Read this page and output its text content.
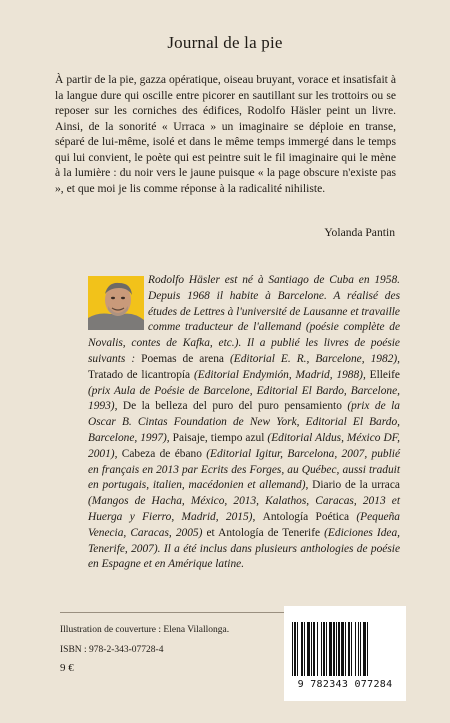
Journal de la pie

À partir de la pie, gazza opératique, oiseau bruyant, vorace et insatisfait à la langue dure qui oscille entre picorer en sautillant sur les trottoirs ou se reposer sur les corniches des édifices, Rodolfo Häsler peint un livre. Ainsi, de la sonorité « Urraca » un imaginaire se déploie en transe, séparé de lui-même, isolé et dans le même temps immergé dans le temps qui lui convient, le poète qui est peintre suit le fil imaginaire qui le mène à la lumière : du noir vers le jaune puisque « la page obscure n'existe pas », et que moi je lis comme réponse à la radicalité nihiliste.

Yolanda Pantin

Rodolfo Häsler est né à Santiago de Cuba en 1958. Depuis 1968 il habite à Barcelone. A réalisé des études de Lettres à l'université de Lausanne et travaille comme traducteur de l'allemand (poésie complète de Novalis, contes de Kafka, etc.). Il a publié les livres de poésie suivants : Poemas de arena (Editorial E. R., Barcelone, 1982), Tratado de licantropía (Editorial Endymión, Madrid, 1988), Elleife (prix Aula de Poésie de Barcelone, Editorial El Bardo, Barcelone, 1993), De la belleza del puro del puro pensamiento (prix de la Oscar B. Cintas Foundation de New York, Editorial El Bardo, Barcelone, 1997), Paisaje, tiempo azul (Editorial Aldus, México DF, 2001), Cabeza de ébano (Editorial Igitur, Barcelona, 2007, publié en français en 2013 par Ecrits des Forges, au Québec, aussi traduit en portugais, italien, macédonien et allemand), Diario de la urraca (Mangos de Hacha, México, 2013, Kalathos, Caracas, 2013 et Huerga y Fierro, Madrid, 2015), Antología Poética (Pequeña Venecia, Caracas, 2005) et Antología de Tenerife (Ediciones Idea, Tenerife, 2007). Il a été inclus dans plusieurs anthologies de poésie en Espagne et en Amérique latine.

Illustration de couverture : Elena Vilallonga.
ISBN : 978-2-343-07728-4
9 €
9 782343 077284
